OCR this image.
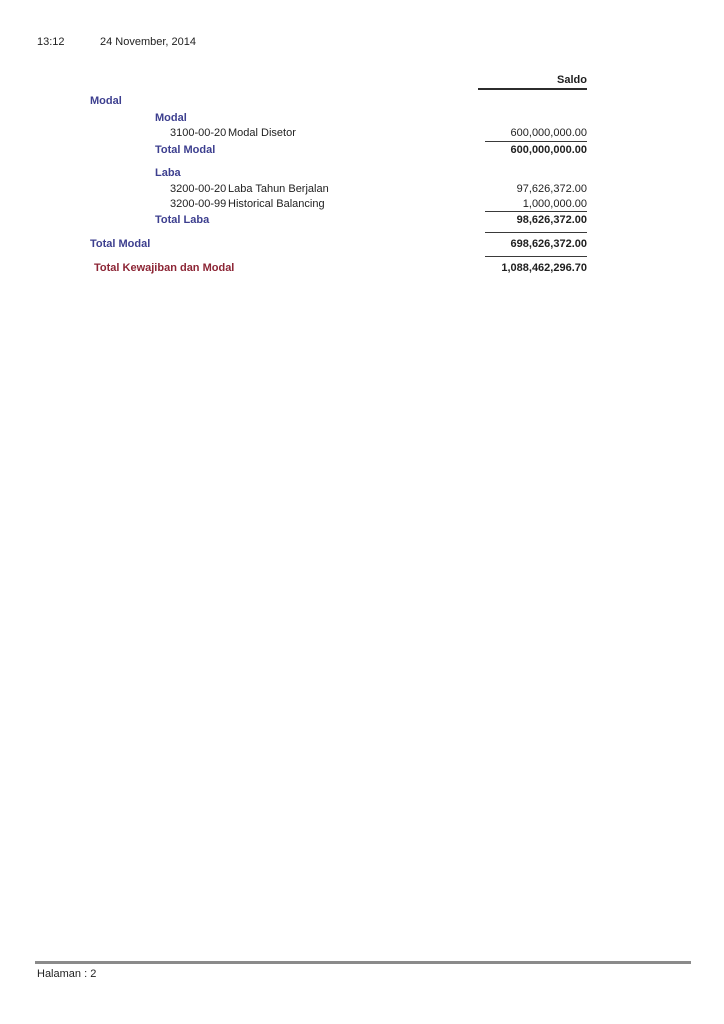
13:12	24 November, 2014
Saldo
Modal
Modal
3100-00-20 Modal Disetor	600,000,000.00
Total Modal	600,000,000.00
Laba
3200-00-20 Laba Tahun Berjalan	97,626,372.00
3200-00-99 Historical Balancing	1,000,000.00
Total Laba	98,626,372.00
Total Modal	698,626,372.00
Total Kewajiban dan Modal	1,088,462,296.70
Halaman : 2
